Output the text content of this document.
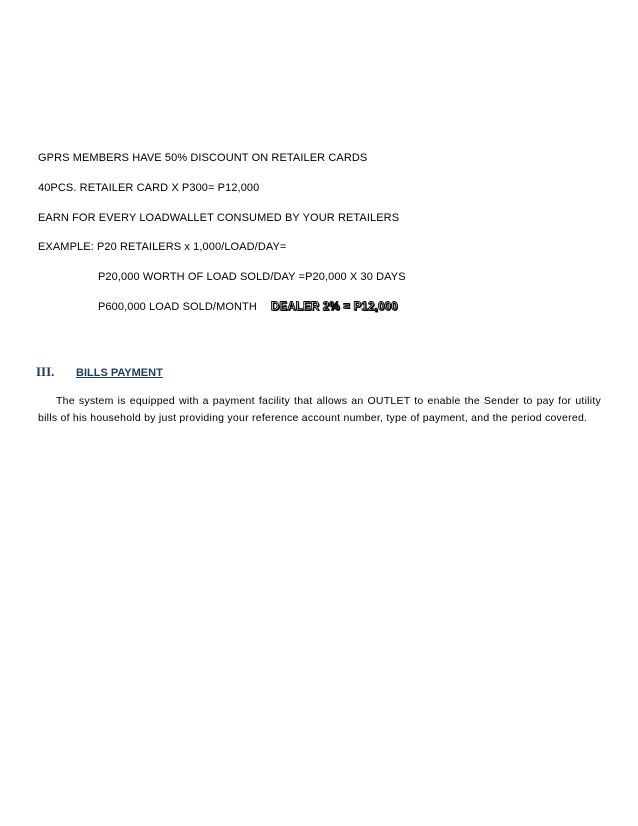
GPRS MEMBERS HAVE 50% DISCOUNT ON RETAILER CARDS
40PCS. RETAILER CARD X P300= P12,000
EARN FOR EVERY LOADWALLET CONSUMED BY YOUR RETAILERS
EXAMPLE: P20 RETAILERS x 1,000/LOAD/DAY=
P20,000 WORTH OF LOAD SOLD/DAY =P20,000 X 30 DAYS
P600,000 LOAD SOLD/MONTH DEALER 2% = P12,000
III. BILLS PAYMENT
The system is equipped with a payment facility that allows an OUTLET to enable the Sender to pay for utility bills of his household by just providing your reference account number, type of payment, and the period covered.
